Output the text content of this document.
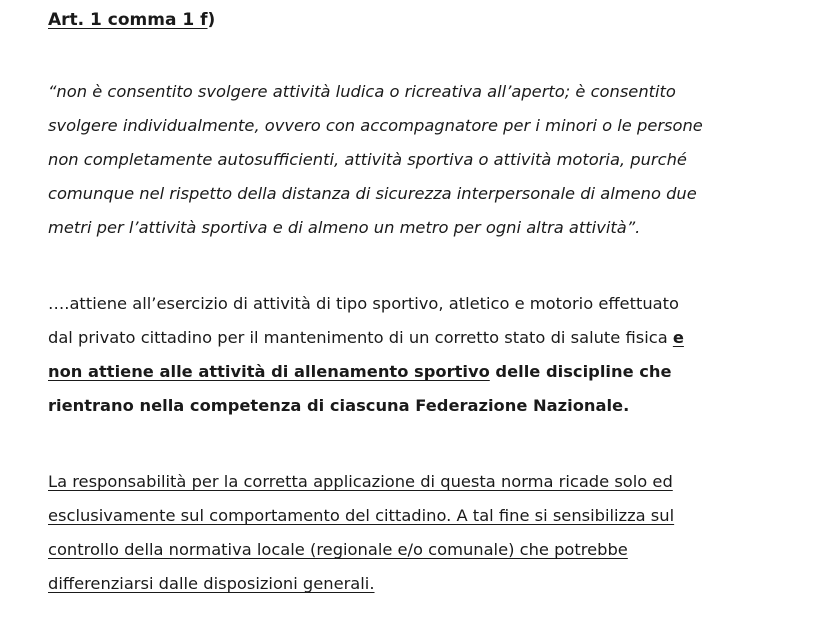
Art. 1 comma 1 f)

“non è consentito svolgere attività ludica o ricreativa all’aperto; è consentito
svolgere individualmente, ovvero con accompagnatore per i minori o le persone
non completamente autosufficienti, attività sportiva o attività motoria, purché
comunque nel rispetto della distanza di sicurezza interpersonale di almeno due
metri per l’attività sportiva e di almeno un metro per ogni altra attività”.

….attiene all’esercizio di attività di tipo sportivo, atletico e motorio effettuato
dal privato cittadino per il mantenimento di un corretto stato di salute fisica e
non attiene alle attività di allenamento sportivo delle discipline che
rientrano nella competenza di ciascuna Federazione Nazionale.

La responsabilità per la corretta applicazione di questa norma ricade solo ed
esclusivamente sul comportamento del cittadino. A tal fine si sensibilizza sul
controllo della normativa locale (regionale e/o comunale) che potrebbe
differenziarsi dalle disposizioni generali.
